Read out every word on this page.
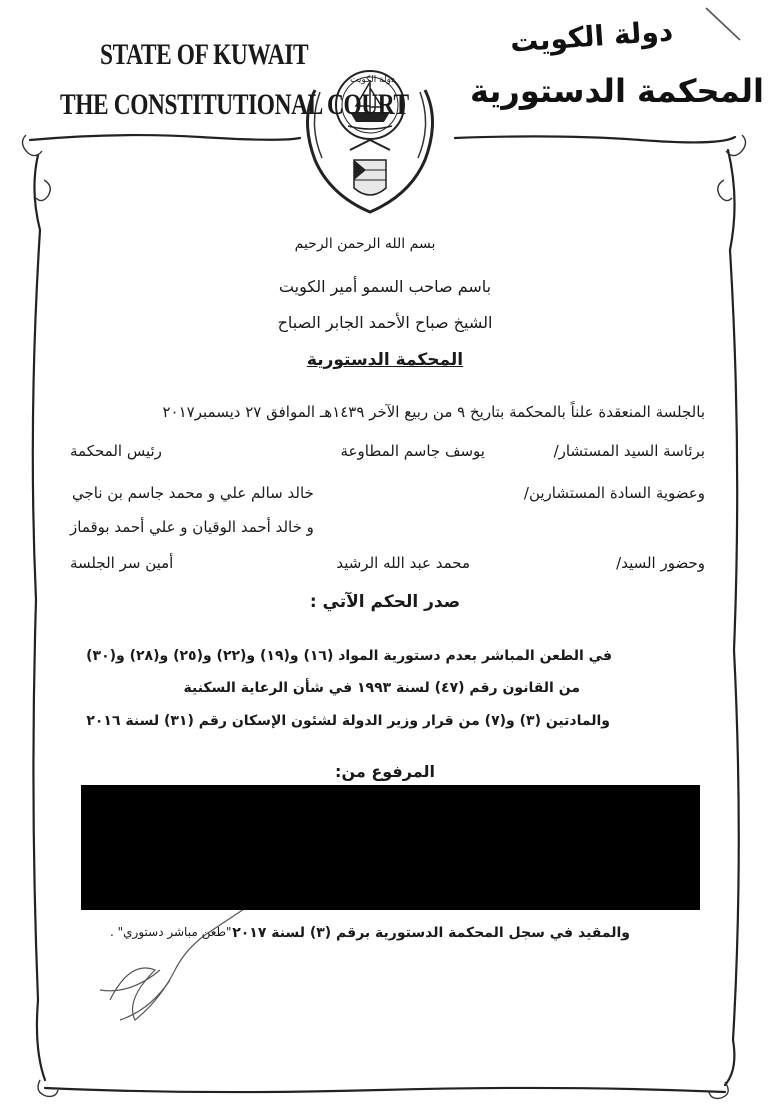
دولة الكويت
STATE OF KUWAIT
THE CONSTITUTIONAL COURT
دولة الكويت
المحكمة الدستورية
بسم الله الرحمن الرحيم
باسم صاحب السمو أمير الكويت
الشيخ صباح الأحمد الجابر الصباح
المحكمة الدستورية
بالجلسة المنعقدة علناً بالمحكمة بتاريخ ٩ من ربيع الآخر ١٤٣٩هـ الموافق ٢٧ ديسمبر٢٠١٧
برئاسة السيد المستشار/
يوسف جاسم المطاوعة
رئيس المحكمة
وعضوية السادة المستشارين/
خالد سالم علي و محمد جاسم بن ناجي
و خالد أحمد الوقيان و علي أحمد بوقماز
وحضور السيد/
محمد عبد الله الرشيد
أمين سر الجلسة
صدر الحكم الآتي :
في الطعن المباشر بعدم دستورية المواد (١٦) و(١٩) و(٢٢) و(٢٥) و(٢٨) و(٣٠)
من القانون رقم (٤٧) لسنة ١٩٩٣ في شأن الرعاية السكنية
والمادتين (٣) و(٧) من قرار وزير الدولة لشئون الإسكان رقم (٣١) لسنة ٢٠١٦
المرفوع من:
والمقيد في سجل المحكمة الدستورية برقم (٣) لسنة ٢٠١٧
"طعن مباشر دستوري" .
